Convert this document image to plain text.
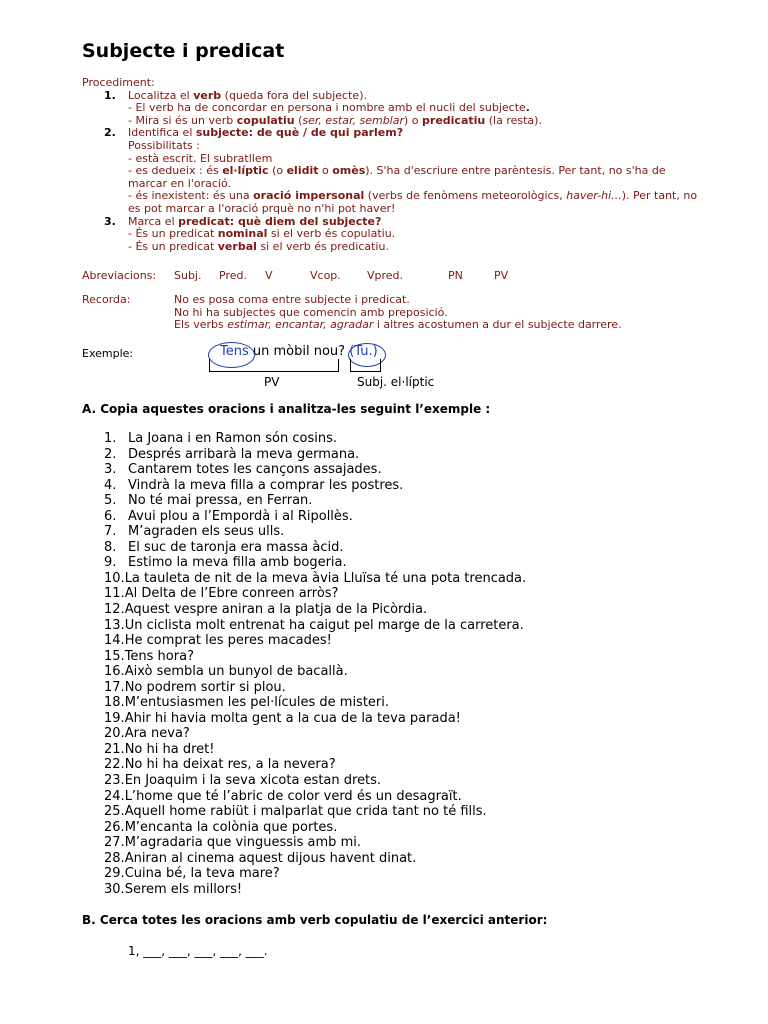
Subjecte i predicat
Procediment:
1. Localitza el verb (queda fora del subjecte).
- El verb ha de concordar en persona i nombre amb el nucli del subjecte.
- Mira si és un verb copulatiu (ser, estar, semblar) o predicatiu (la resta).
2. Identifica el subjecte: de què / de qui parlem?
Possibilitats :
- està escrit. El subratllem
- es dedueix : és el·líptic (o elidit o omès). S'ha d'escriure entre parèntesis. Per tant, no s'ha de marcar en l'oració.
- és inexistent: és una oració impersonal (verbs de fenòmens meteorològics, haver-hi...). Per tant, no es pot marcar a l'oració prquè no n'hi pot haver!
3. Marca el predicat: què diem del subjecte?
- És un predicat nominal si el verb és copulatiu.
- És un predicat verbal si el verb és predicatiu.
Abreviacions: Subj. Pred. V	Vcop. Vpred.	PN	PV
Recorda:	No es posa coma entre subjecte i predicat.
No hi ha subjectes que comencin amb preposició.
Els verbs estimar, encantar, agradar i altres acostumen a dur el subjecte darrere.
Exemple:	Tens un mòbil nou? (Tu.)
PV	Subj. el·líptic
A. Copia aquestes oracions i analitza-les seguint l’exemple :
1. La Joana i en Ramon són cosins.
2. Després arribarà la meva germana.
3. Cantarem totes les cançons assajades.
4. Vindrà la meva filla a comprar les postres.
5. No té mai pressa, en Ferran.
6. Avui plou a l’Empordà i al Ripollès.
7. M’agraden els seus ulls.
8. El suc de taronja era massa àcid.
9. Estimo la meva filla amb bogeria.
10.La tauleta de nit de la meva àvia Lluïsa té una pota trencada.
11.Al Delta de l’Ebre conreen arròs?
12.Aquest vespre aniran a la platja de la Picòrdia.
13.Un ciclista molt entrenat ha caigut pel marge de la carretera.
14.He comprat les peres macades!
15.Tens hora?
16.Això sembla un bunyol de bacallà.
17.No podrem sortir si plou.
18.M’entusiasmen les pel·lícules de misteri.
19.Ahir hi havia molta gent a la cua de la teva parada!
20.Ara neva?
21.No hi ha dret!
22.No hi ha deixat res, a la nevera?
23.En Joaquim i la seva xicota estan drets.
24.L’home que té l’abric de color verd és un desagraït.
25.Aquell home rabiüt i malparlat que crida tant no té fills.
26.M’encanta la colònia que portes.
27.M’agradaria que vinguessis amb mi.
28.Aniran al cinema aquest dijous havent dinat.
29.Cuina bé, la teva mare?
30.Serem els millors!
B. Cerca totes les oracions amb verb copulatiu de l’exercici anterior:
1, ___, ___, ___, ___, ___.
